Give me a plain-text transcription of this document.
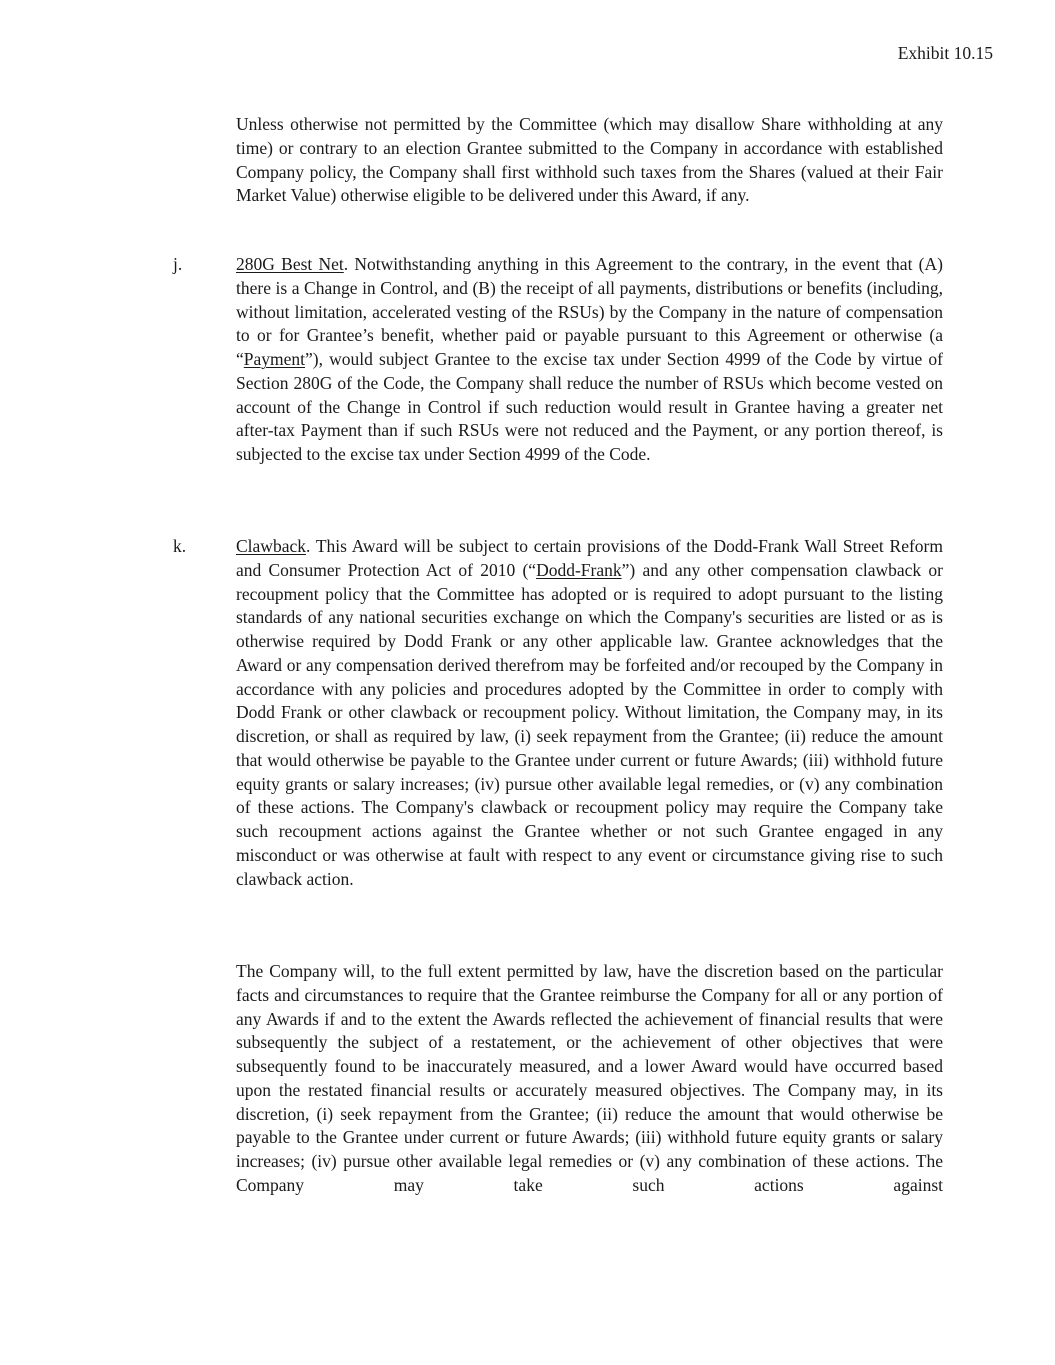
Exhibit 10.15

Unless otherwise not permitted by the Committee (which may disallow Share withholding at any time) or contrary to an election Grantee submitted to the Company in accordance with established Company policy, the Company shall first withhold such taxes from the Shares (valued at their Fair Market Value) otherwise eligible to be delivered under this Award, if any.

j.	280G Best Net. Notwithstanding anything in this Agreement to the contrary, in the event that (A) there is a Change in Control, and (B) the receipt of all payments, distributions or benefits (including, without limitation, accelerated vesting of the RSUs) by the Company in the nature of compensation to or for Grantee’s benefit, whether paid or payable pursuant to this Agreement or otherwise (a “Payment”), would subject Grantee to the excise tax under Section 4999 of the Code by virtue of Section 280G of the Code, the Company shall reduce the number of RSUs which become vested on account of the Change in Control if such reduction would result in Grantee having a greater net after-tax Payment than if such RSUs were not reduced and the Payment, or any portion thereof, is subjected to the excise tax under Section 4999 of the Code.

k.	Clawback. This Award will be subject to certain provisions of the Dodd-Frank Wall Street Reform and Consumer Protection Act of 2010 (“Dodd-Frank”) and any other compensation clawback or recoupment policy that the Committee has adopted or is required to adopt pursuant to the listing standards of any national securities exchange on which the Company's securities are listed or as is otherwise required by Dodd Frank or any other applicable law. Grantee acknowledges that the Award or any compensation derived therefrom may be forfeited and/or recouped by the Company in accordance with any policies and procedures adopted by the Committee in order to comply with Dodd Frank or other clawback or recoupment policy. Without limitation, the Company may, in its discretion, or shall as required by law, (i) seek repayment from the Grantee; (ii) reduce the amount that would otherwise be payable to the Grantee under current or future Awards; (iii) withhold future equity grants or salary increases; (iv) pursue other available legal remedies, or (v) any combination of these actions. The Company's clawback or recoupment policy may require the Company take such recoupment actions against the Grantee whether or not such Grantee engaged in any misconduct or was otherwise at fault with respect to any event or circumstance giving rise to such clawback action.

The Company will, to the full extent permitted by law, have the discretion based on the particular facts and circumstances to require that the Grantee reimburse the Company for all or any portion of any Awards if and to the extent the Awards reflected the achievement of financial results that were subsequently the subject of a restatement, or the achievement of other objectives that were subsequently found to be inaccurately measured, and a lower Award would have occurred based upon the restated financial results or accurately measured objectives. The Company may, in its discretion, (i) seek repayment from the Grantee; (ii) reduce the amount that would otherwise be payable to the Grantee under current or future Awards; (iii) withhold future equity grants or salary increases; (iv) pursue other available legal remedies or (v) any combination of these actions. The Company may take such actions against
